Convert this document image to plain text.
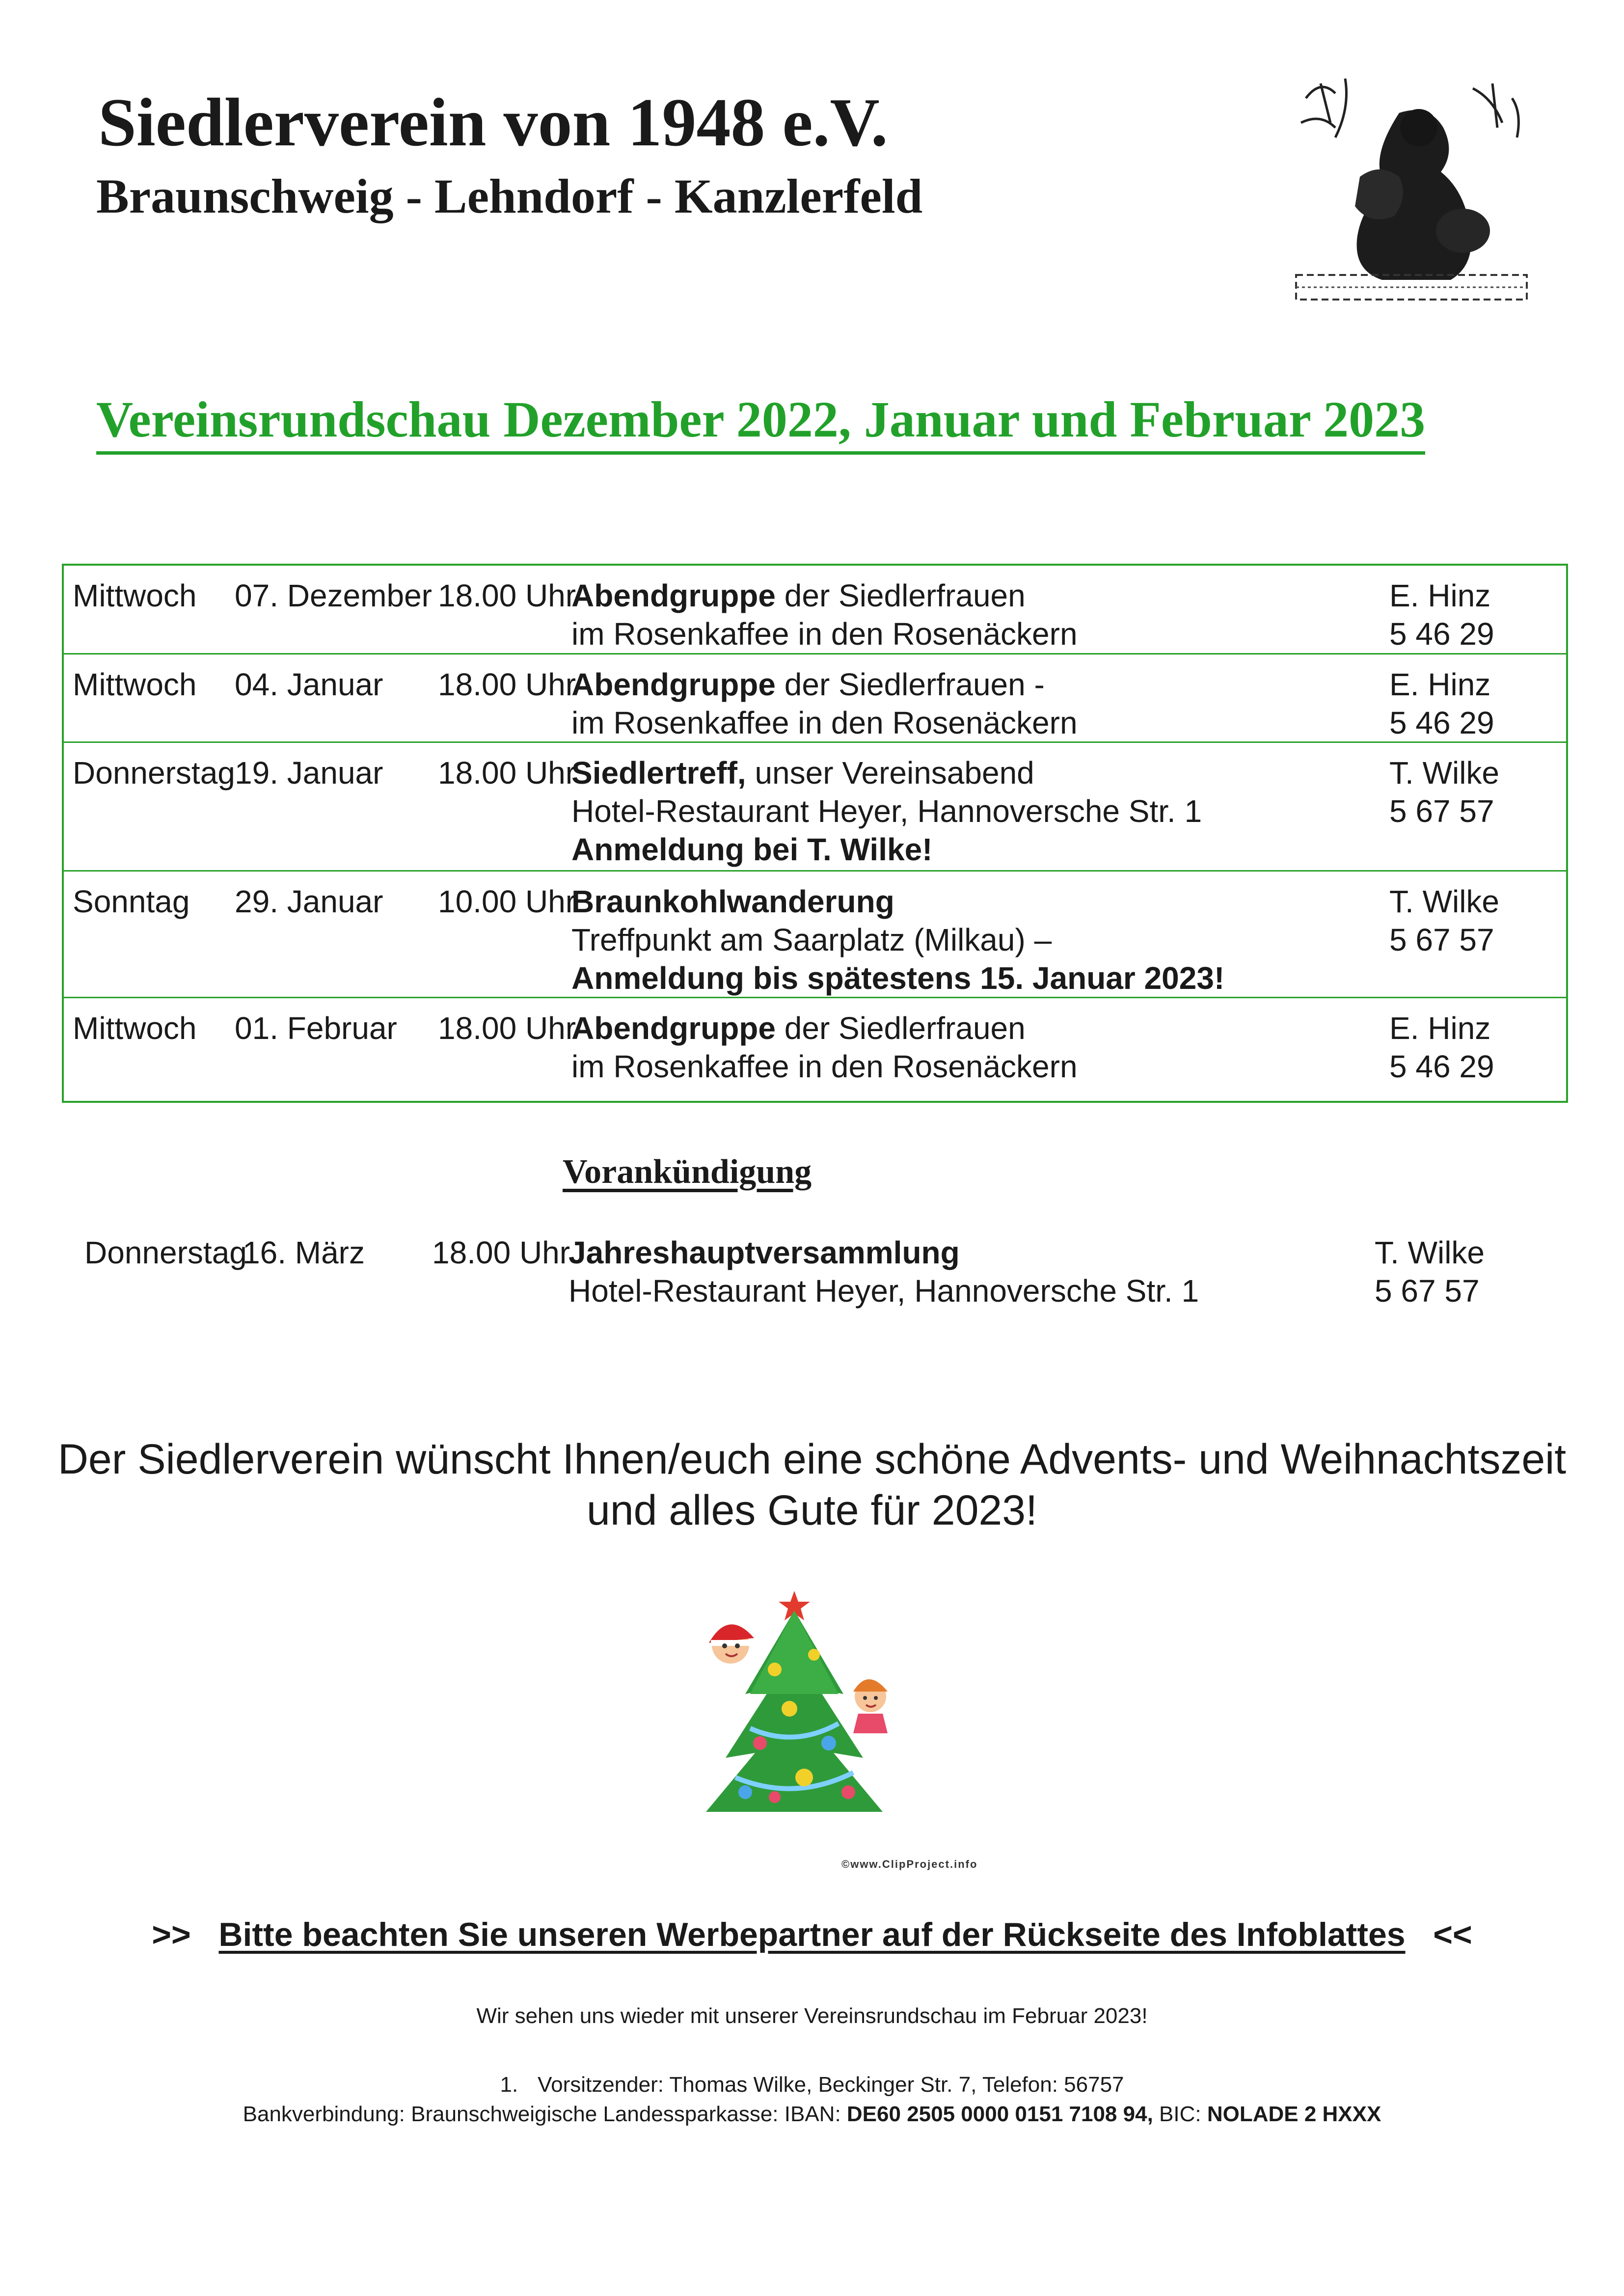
Siedlerverein von 1948 e.V.
Braunschweig - Lehndorf - Kanzlerfeld
Vereinsrundschau Dezember 2022, Januar und Februar 2023
Mittwoch 07. Dezember 18.00 Uhr
Abendgruppe der Siedlerfrauen
im Rosenkaffee in den Rosenäckern
E. Hinz
5 46 29
Mittwoch 04. Januar 18.00 Uhr
Abendgruppe der Siedlerfrauen -
im Rosenkaffee in den Rosenäckern
E. Hinz
5 46 29
Donnerstag 19. Januar 18.00 Uhr
Siedlertreff, unser Vereinsabend
Hotel-Restaurant Heyer, Hannoversche Str. 1
Anmeldung bei T. Wilke!
T. Wilke
5 67 57
Sonntag 29. Januar 10.00 Uhr
Braunkohlwanderung
Treffpunkt am Saarplatz (Milkau) –
Anmeldung bis spätestens 15. Januar 2023!
T. Wilke
5 67 57
Mittwoch 01. Februar 18.00 Uhr
Abendgruppe der Siedlerfrauen
im Rosenkaffee in den Rosenäckern
E. Hinz
5 46 29
Vorankündigung
Donnerstag
16. März 18.00 Uhr
Jahreshauptversammlung
Hotel-Restaurant Heyer, Hannoversche Str. 1
T. Wilke
5 67 57
Der Siedlerverein wünscht Ihnen/euch eine schöne Advents- und Weihnachtszeit
und alles Gute für 2023!
©www.ClipProject.info
>> Bitte beachten Sie unseren Werbepartner auf der Rückseite des Infoblattes <<
Wir sehen uns wieder mit unserer Vereinsrundschau im Februar 2023!
1. Vorsitzender: Thomas Wilke, Beckinger Str. 7, Telefon: 56757
Bankverbindung: Braunschweigische Landessparkasse: IBAN: DE60 2505 0000 0151 7108 94, BIC: NOLADE 2 HXXX
